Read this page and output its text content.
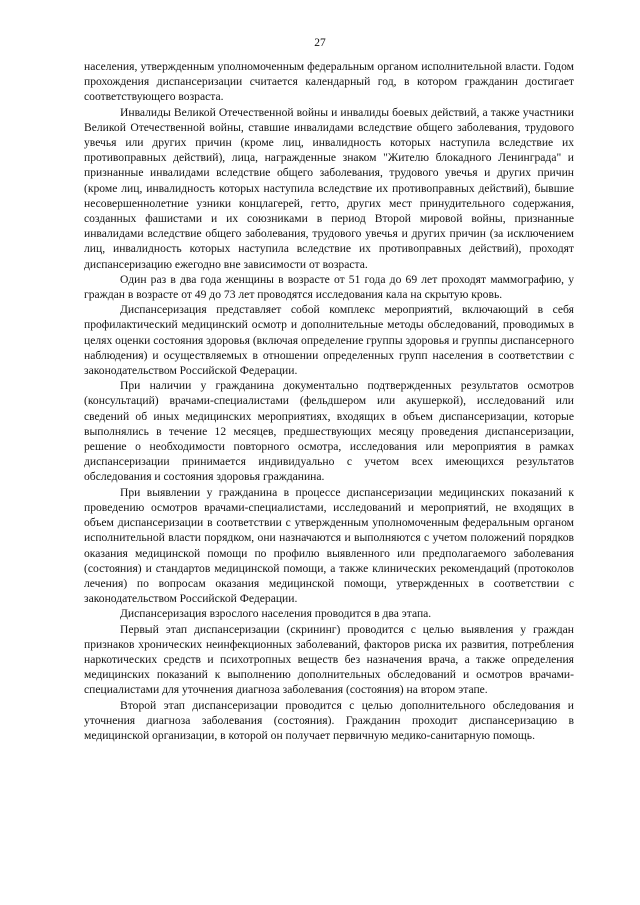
27

населения, утвержденным уполномоченным федеральным органом исполнительной власти. Годом прохождения диспансеризации считается календарный год, в котором гражданин достигает соответствующего возраста.

Инвалиды Великой Отечественной войны и инвалиды боевых действий, а также участники Великой Отечественной войны, ставшие инвалидами вследствие общего заболевания, трудового увечья или других причин (кроме лиц, инвалидность которых наступила вследствие их противоправных действий), лица, награжденные знаком "Жителю блокадного Ленинграда" и признанные инвалидами вследствие общего заболевания, трудового увечья и других причин (кроме лиц, инвалидность которых наступила вследствие их противоправных действий), бывшие несовершеннолетние узники концлагерей, гетто, других мест принудительного содержания, созданных фашистами и их союзниками в период Второй мировой войны, признанные инвалидами вследствие общего заболевания, трудового увечья и других причин (за исключением лиц, инвалидность которых наступила вследствие их противоправных действий), проходят диспансеризацию ежегодно вне зависимости от возраста.

Один раз в два года женщины в возрасте от 51 года до 69 лет проходят маммографию, у граждан в возрасте от 49 до 73 лет проводятся исследования кала на скрытую кровь.

Диспансеризация представляет собой комплекс мероприятий, включающий в себя профилактический медицинский осмотр и дополнительные методы обследований, проводимых в целях оценки состояния здоровья (включая определение группы здоровья и группы диспансерного наблюдения) и осуществляемых в отношении определенных групп населения в соответствии с законодательством Российской Федерации.

При наличии у гражданина документально подтвержденных результатов осмотров (консультаций) врачами-специалистами (фельдшером или акушеркой), исследований или сведений об иных медицинских мероприятиях, входящих в объем диспансеризации, которые выполнялись в течение 12 месяцев, предшествующих месяцу проведения диспансеризации, решение о необходимости повторного осмотра, исследования или мероприятия в рамках диспансеризации принимается индивидуально с учетом всех имеющихся результатов обследования и состояния здоровья гражданина.

При выявлении у гражданина в процессе диспансеризации медицинских показаний к проведению осмотров врачами-специалистами, исследований и мероприятий, не входящих в объем диспансеризации в соответствии с утвержденным уполномоченным федеральным органом исполнительной власти порядком, они назначаются и выполняются с учетом положений порядков оказания медицинской помощи по профилю выявленного или предполагаемого заболевания (состояния) и стандартов медицинской помощи, а также клинических рекомендаций (протоколов лечения) по вопросам оказания медицинской помощи, утвержденных в соответствии с законодательством Российской Федерации.

Диспансеризация взрослого населения проводится в два этапа.

Первый этап диспансеризации (скрининг) проводится с целью выявления у граждан признаков хронических неинфекционных заболеваний, факторов риска их развития, потребления наркотических средств и психотропных веществ без назначения врача, а также определения медицинских показаний к выполнению дополнительных обследований и осмотров врачами-специалистами для уточнения диагноза заболевания (состояния) на втором этапе.

Второй этап диспансеризации проводится с целью дополнительного обследования и уточнения диагноза заболевания (состояния). Гражданин проходит диспансеризацию в медицинской организации, в которой он получает первичную медико-санитарную помощь.
